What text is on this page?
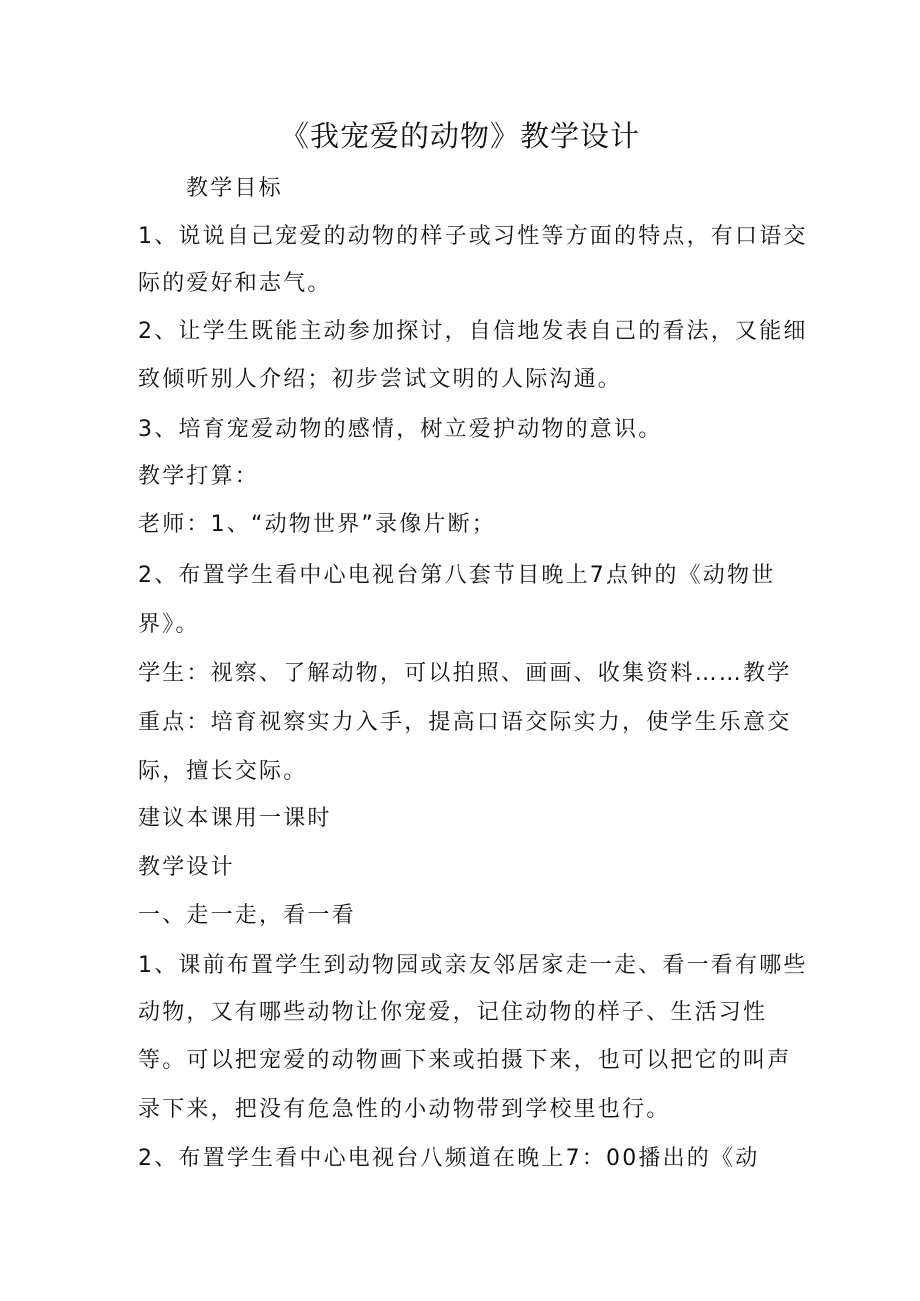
《我宠爱的动物》教学设计
教学目标
1、说说自己宠爱的动物的样子或习性等方面的特点，有口语交
际的爱好和志气。
2、让学生既能主动参加探讨，自信地发表自己的看法，又能细
致倾听别人介绍；初步尝试文明的人际沟通。
3、培育宠爱动物的感情，树立爱护动物的意识。
教学打算：
老师：1、“动物世界”录像片断；
2、布置学生看中心电视台第八套节目晚上7点钟的《动物世
界》。
学生：视察、了解动物，可以拍照、画画、收集资料……教学
重点：培育视察实力入手，提高口语交际实力，使学生乐意交
际，擅长交际。
建议本课用一课时
教学设计
一、走一走，看一看
1、课前布置学生到动物园或亲友邻居家走一走、看一看有哪些
动物，又有哪些动物让你宠爱，记住动物的样子、生活习性
等。可以把宠爱的动物画下来或拍摄下来，也可以把它的叫声
录下来，把没有危急性的小动物带到学校里也行。
2、布置学生看中心电视台八频道在晚上7：00播出的《动
